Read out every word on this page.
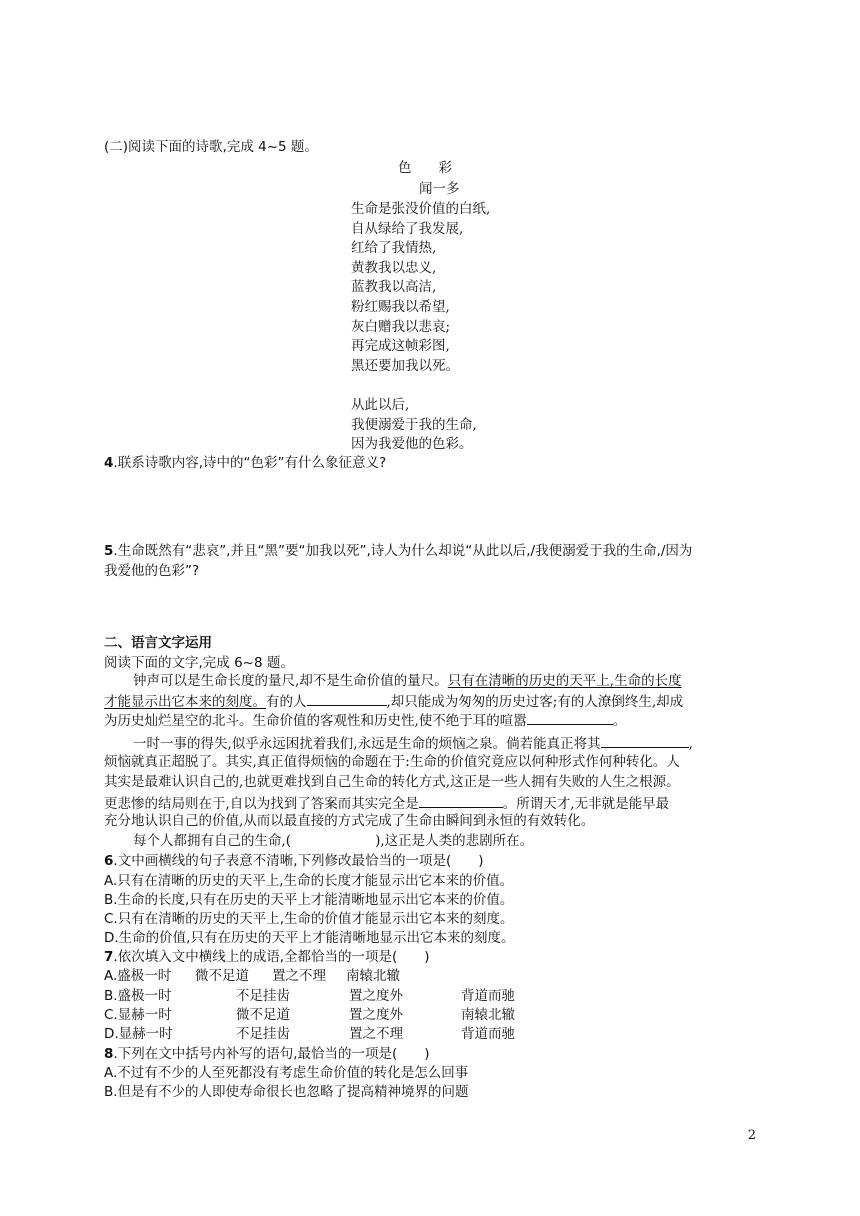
(二)阅读下面的诗歌,完成 4~5 题。
色　　彩
闻一多
生命是张没价值的白纸,
自从绿给了我发展,
红给了我情热,
黄教我以忠义,
蓝教我以高洁,
粉红赐我以希望,
灰白赠我以悲哀;
再完成这帧彩图,
黑还要加我以死。
从此以后,
我便溺爱于我的生命,
因为我爱他的色彩。
4.联系诗歌内容,诗中的“色彩”有什么象征意义?
5.生命既然有“悲哀”,并且“黑”要“加我以死”,诗人为什么却说“从此以后,/我便溺爱于我的生命,/因为
我爱他的色彩”?
二、语言文字运用
阅读下面的文字,完成 6~8 题。
钟声可以是生命长度的量尺,却不是生命价值的量尺。只有在清晰的历史的天平上,生命的长度
才能显示出它本来的刻度。有的人	,却只能成为匆匆的历史过客;有的人潦倒终生,却成
为历史灿烂星空的北斗。生命价值的客观性和历史性,使不绝于耳的喧嚣	。
一时一事的得失,似乎永远困扰着我们,永远是生命的烦恼之泉。倘若能真正将其	,
烦恼就真正超脱了。其实,真正值得烦恼的命题在于:生命的价值究竟应以何种形式作何种转化。人
其实是最难认识自己的,也就更难找到自己生命的转化方式,这正是一些人拥有失败的人生之根源。
更悲惨的结局则在于,自以为找到了答案而其实完全是	。所谓天才,无非就是能早最
充分地认识自己的价值,从而以最直接的方式完成了生命由瞬间到永恒的有效转化。
每个人都拥有自己的生命,(	),这正是人类的悲剧所在。
6.文中画横线的句子表意不清晰,下列修改最恰当的一项是(　　)
A.只有在清晰的历史的天平上,生命的长度才能显示出它本来的价值。
B.生命的长度,只有在历史的天平上才能清晰地显示出它本来的价值。
C.只有在清晰的历史的天平上,生命的价值才能显示出它本来的刻度。
D.生命的价值,只有在历史的天平上才能清晰地显示出它本来的刻度。
7.依次填入文中横线上的成语,全都恰当的一项是(　　)
A.盛极一时 微不足道 置之不理 南辕北辙
B.盛极一时	不足挂齿	置之度外	背道而驰
C.显赫一时	微不足道	置之度外	南辕北辙
D.显赫一时	不足挂齿	置之不理	背道而驰
8.下列在文中括号内补写的语句,最恰当的一项是(　　)
A.不过有不少的人至死都没有考虑生命价值的转化是怎么回事
B.但是有不少的人即使寿命很长也忽略了提高精神境界的问题
2
